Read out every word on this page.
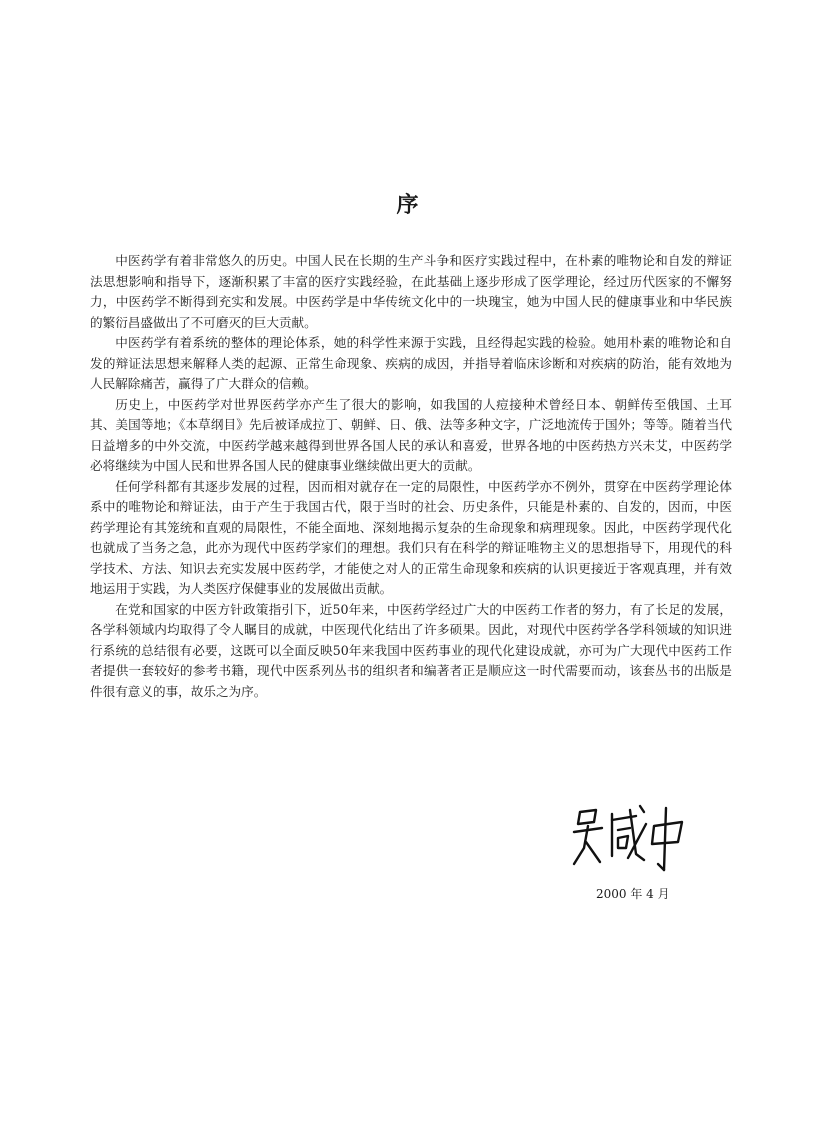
序

中医药学有着非常悠久的历史。中国人民在长期的生产斗争和医疗实践过程中，在朴素的唯物论和自发的辩证法思想影响和指导下，逐渐积累了丰富的医疗实践经验，在此基础上逐步形成了医学理论，经过历代医家的不懈努力，中医药学不断得到充实和发展。中医药学是中华传统文化中的一块瑰宝，她为中国人民的健康事业和中华民族的繁衍昌盛做出了不可磨灭的巨大贡献。

中医药学有着系统的整体的理论体系，她的科学性来源于实践，且经得起实践的检验。她用朴素的唯物论和自发的辩证法思想来解释人类的起源、正常生命现象、疾病的成因，并指导着临床诊断和对疾病的防治，能有效地为人民解除痛苦，赢得了广大群众的信赖。

历史上，中医药学对世界医药学亦产生了很大的影响，如我国的人痘接种术曾经日本、朝鲜传至俄国、土耳其、美国等地；《本草纲目》先后被译成拉丁、朝鲜、日、俄、法等多种文字，广泛地流传于国外；等等。随着当代日益增多的中外交流，中医药学越来越得到世界各国人民的承认和喜爱，世界各地的中医药热方兴未艾，中医药学必将继续为中国人民和世界各国人民的健康事业继续做出更大的贡献。

任何学科都有其逐步发展的过程，因而相对就存在一定的局限性，中医药学亦不例外，贯穿在中医药学理论体系中的唯物论和辩证法，由于产生于我国古代，限于当时的社会、历史条件，只能是朴素的、自发的，因而，中医药学理论有其笼统和直观的局限性，不能全面地、深刻地揭示复杂的生命现象和病理现象。因此，中医药学现代化也就成了当务之急，此亦为现代中医药学家们的理想。我们只有在科学的辩证唯物主义的思想指导下，用现代的科学技术、方法、知识去充实发展中医药学，才能使之对人的正常生命现象和疾病的认识更接近于客观真理，并有效地运用于实践，为人类医疗保健事业的发展做出贡献。

在党和国家的中医方针政策指引下，近50年来，中医药学经过广大的中医药工作者的努力，有了长足的发展，各学科领域内均取得了令人瞩目的成就，中医现代化结出了许多硕果。因此，对现代中医药学各学科领域的知识进行系统的总结很有必要，这既可以全面反映50年来我国中医药事业的现代化建设成就，亦可为广大现代中医药工作者提供一套较好的参考书籍，现代中医系列丛书的组织者和编著者正是顺应这一时代需要而动，该套丛书的出版是件很有意义的事，故乐之为序。

2000 年 4 月
